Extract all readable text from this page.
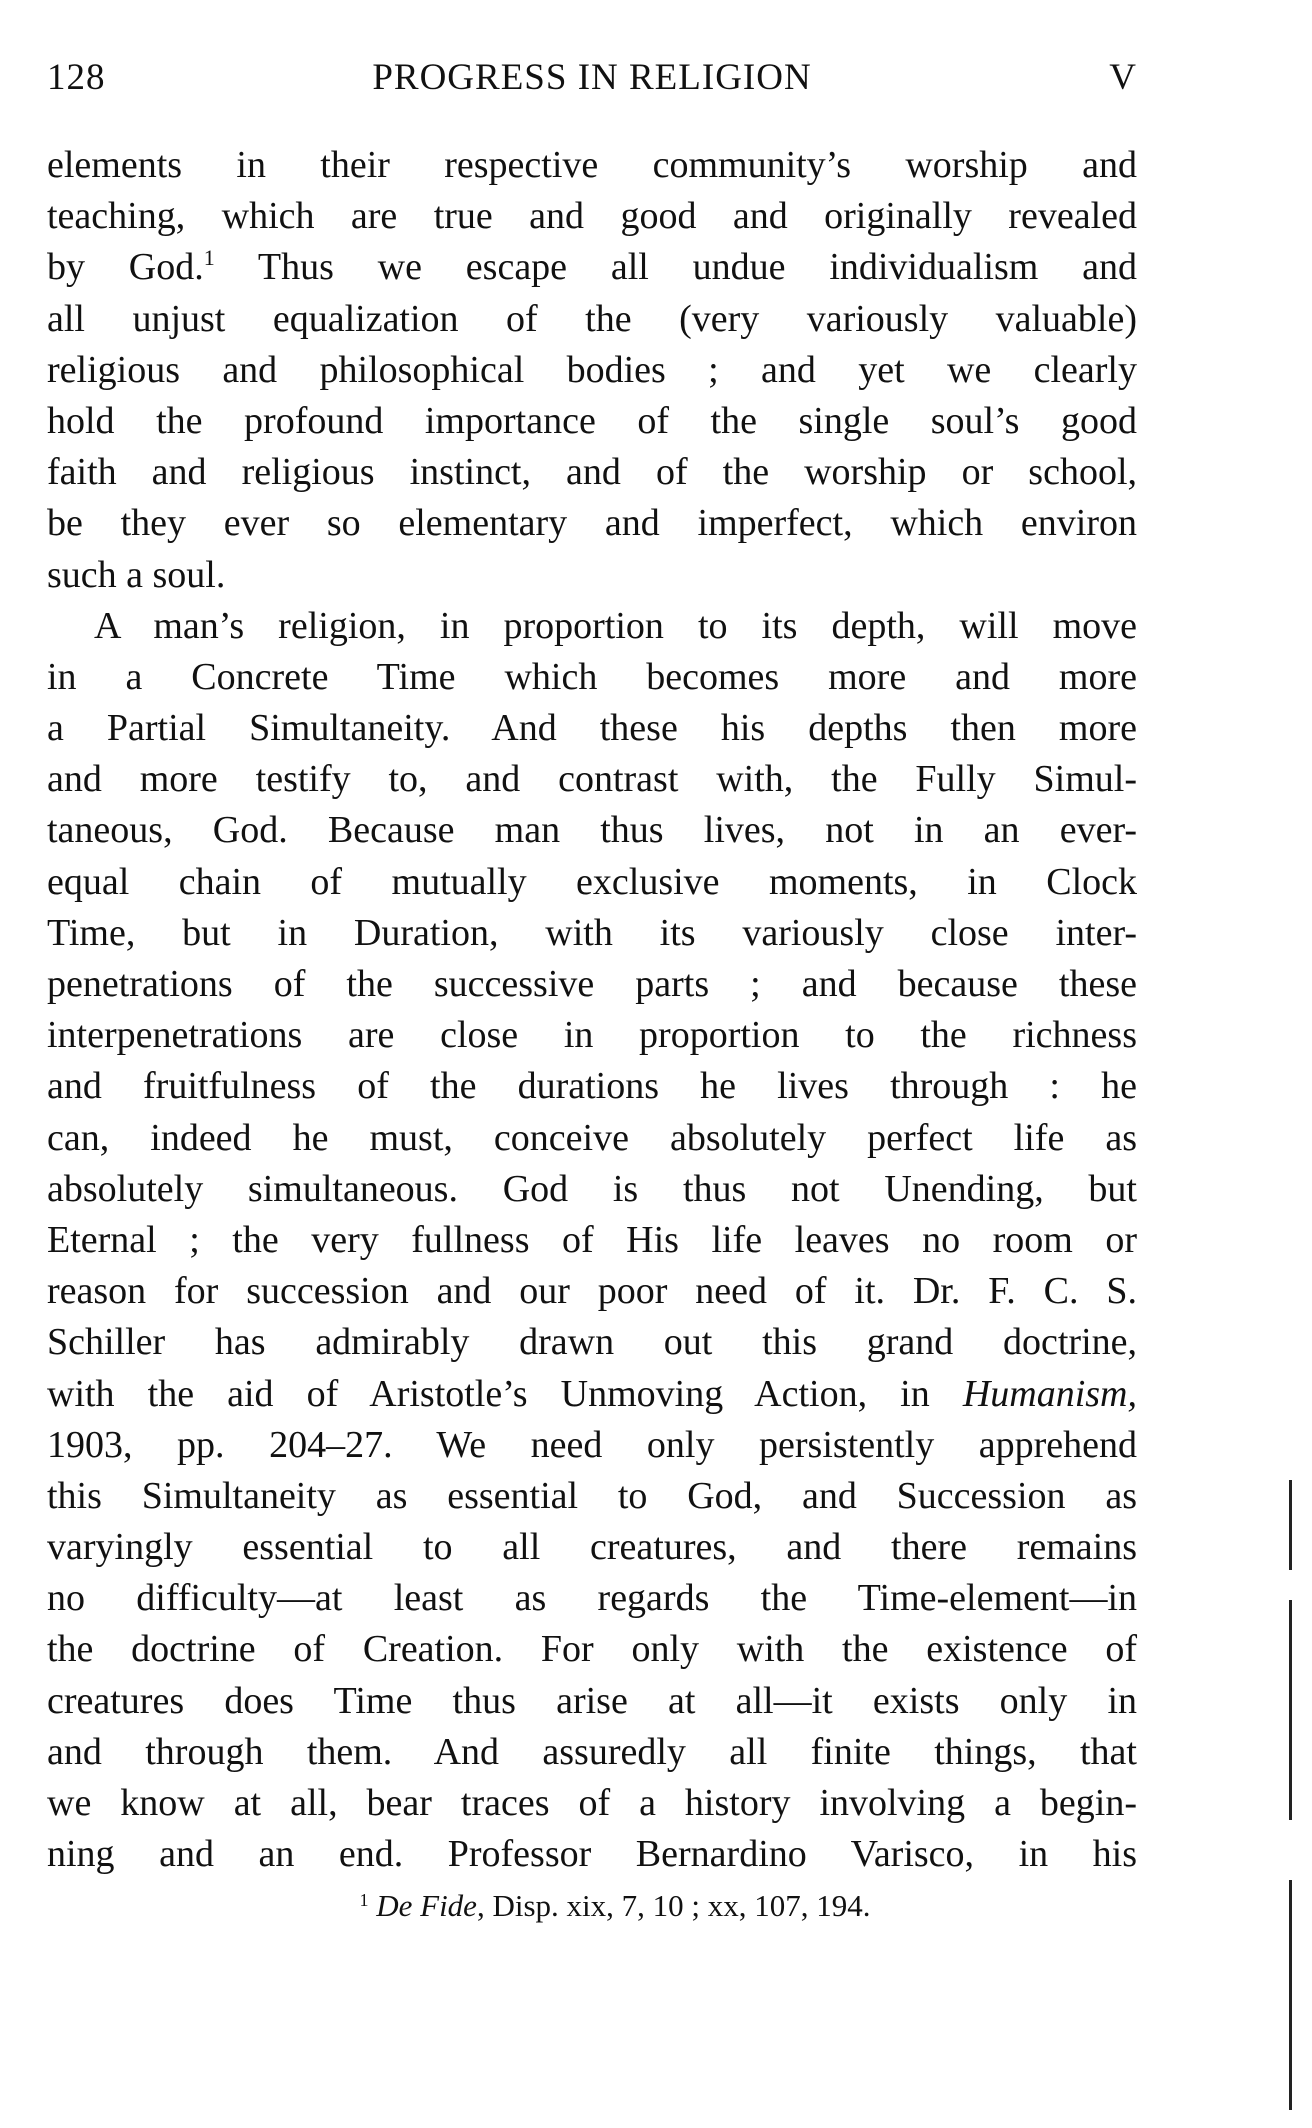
128	PROGRESS IN RELIGION	V
elements in their respective community’s worship and
teaching, which are true and good and originally revealed
by God.$^1$ Thus we escape all undue individualism and
all unjust equalization of the (very variously valuable)
religious and philosophical bodies ; and yet we clearly
hold the profound importance of the single soul’s good
faith and religious instinct, and of the worship or school,
be they ever so elementary and imperfect, which environ
such a soul.
A man’s religion, in proportion to its depth, will move
in a Concrete Time which becomes more and more
a Partial Simultaneity. And these his depths then more
and more testify to, and contrast with, the Fully Simul-
taneous, God. Because man thus lives, not in an ever-
equal chain of mutually exclusive moments, in Clock
Time, but in Duration, with its variously close inter-
penetrations of the successive parts ; and because these
interpenetrations are close in proportion to the richness
and fruitfulness of the durations he lives through : he
can, indeed he must, conceive absolutely perfect life as
absolutely simultaneous. God is thus not Unending, but
Eternal ; the very fullness of His life leaves no room or
reason for succession and our poor need of it. Dr. F. C. S.
Schiller has admirably drawn out this grand doctrine,
with the aid of Aristotle’s Unmoving Action, in Humanism,
1903, pp. 204–27. We need only persistently apprehend
this Simultaneity as essential to God, and Succession as
varyingly essential to all creatures, and there remains
no difficulty—at least as regards the Time-element—in
the doctrine of Creation. For only with the existence of
creatures does Time thus arise at all—it exists only in
and through them. And assuredly all finite things, that
we know at all, bear traces of a history involving a begin-
ning and an end. Professor Bernardino Varisco, in his
$^1$ De Fide, Disp. xix, 7, 10 ; xx, 107, 194.
